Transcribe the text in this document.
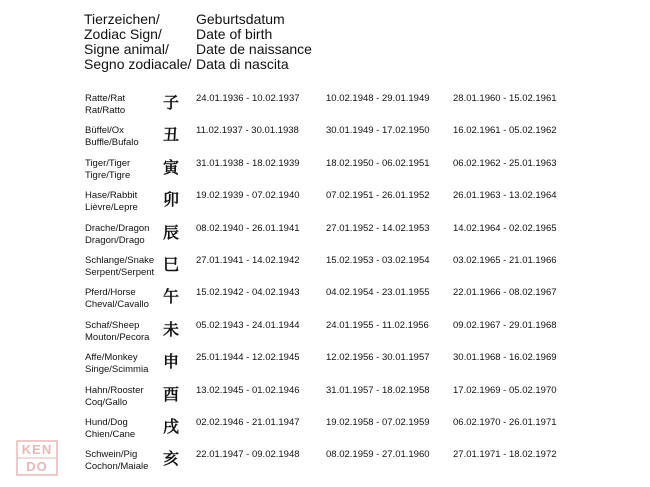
Tierzeichen/
Zodiac Sign/
Signe animal/
Segno zodiacale/
Geburtsdatum
Date of birth
Date de naissance
Data di nascita
Ratte/Rat
Rat/Ratto 子	24.01.1936 - 10.02.1937	10.02.1948 - 29.01.1949 28.01.1960 - 15.02.1961
Büffel/Ox
Buffle/Bufalo 丑	11.02.1937 - 30.01.1938	30.01.1949 - 17.02.1950 16.02.1961 - 05.02.1962
Tiger/Tiger
Tigre/Tigre 寅	31.01.1938 - 18.02.1939	18.02.1950 - 06.02.1951 06.02.1962 - 25.01.1963
Hase/Rabbit
Lièvre/Lepre 卯	19.02.1939 - 07.02.1940	07.02.1951 - 26.01.1952 26.01.1963 - 13.02.1964
Drache/Dragon
Dragon/Drago 辰	08.02.1940 - 26.01.1941	27.01.1952 - 14.02.1953 14.02.1964 - 02.02.1965
Schlange/Snake
Serpent/Serpent 巳	27.01.1941 - 14.02.1942	15.02.1953 - 03.02.1954 03.02.1965 - 21.01.1966
Pferd/Horse
Cheval/Cavallo 午	15.02.1942 - 04.02.1943	04.02.1954 - 23.01.1955 22.01.1966 - 08.02.1967
Schaf/Sheep
Mouton/Pecora 未	05.02.1943 - 24.01.1944	24.01.1955 - 11.02.1956	09.02.1967 - 29.01.1968
Affe/Monkey
Singe/Scimmia 申	25.01.1944 - 12.02.1945	12.02.1956 - 30.01.1957 30.01.1968 - 16.02.1969
Hahn/Rooster
Coq/Gallo	酉	13.02.1945 - 01.02.1946	31.01.1957 - 18.02.1958 17.02.1969 - 05.02.1970
Hund/Dog
Chien/Cane 戌	02.02.1946 - 21.01.1947	19.02.1958 - 07.02.1959 06.02.1970 - 26.01.1971
Schwein/Pig
Cochon/Maiale 亥	22.01.1947 - 09.02.1948	08.02.1959 - 27.01.1960 27.01.1971 - 18.02.1972
KEN
DO
